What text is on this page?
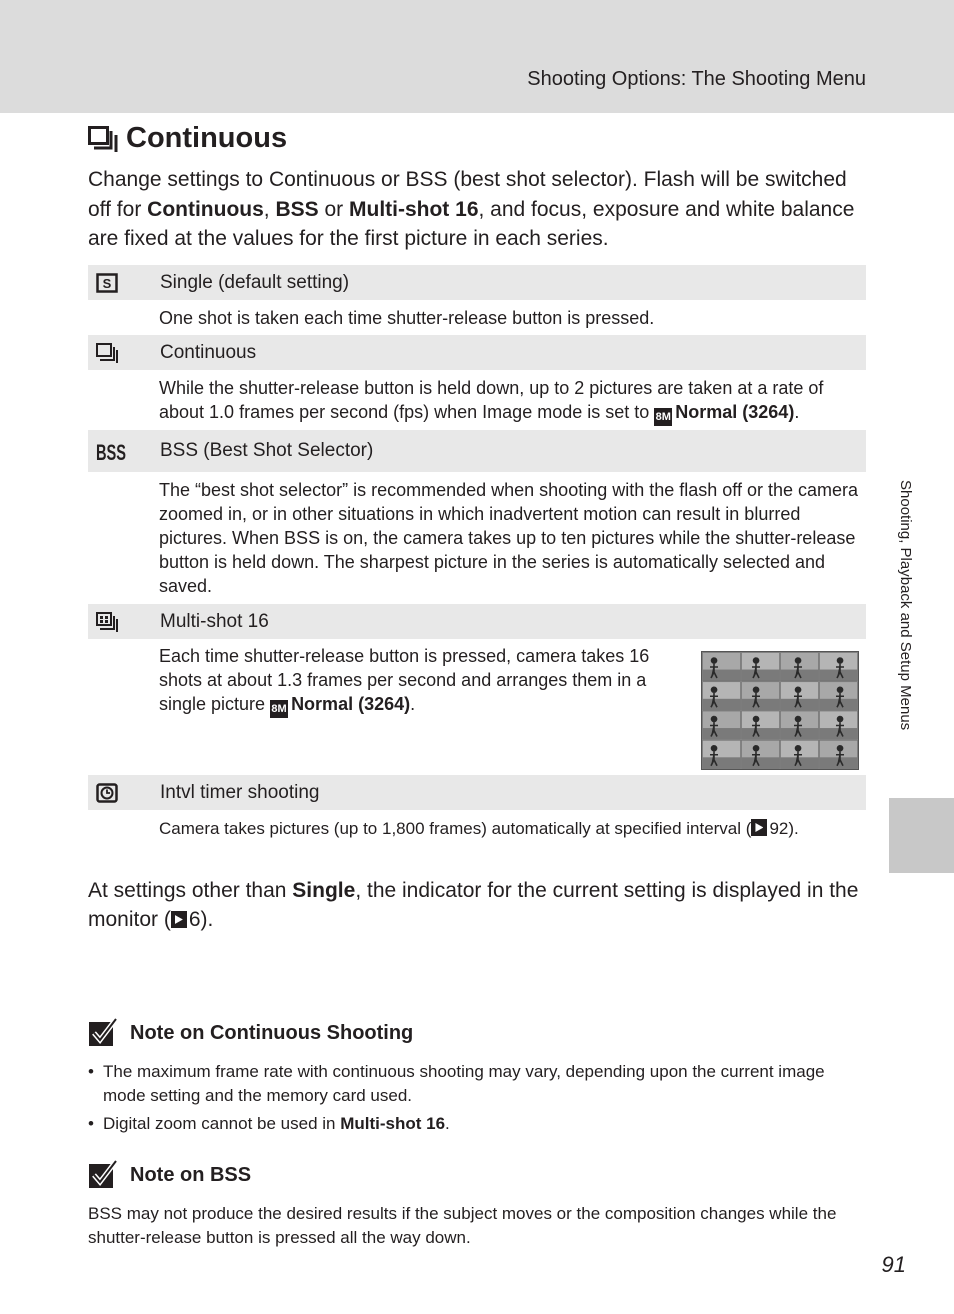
Shooting Options: The Shooting Menu
Shooting, Playback and Setup Menus
Continuous
Change settings to Continuous or BSS (best shot selector). Flash will be switched off for Continuous, BSS or Multi-shot 16, and focus, exposure and white balance are fixed at the values for the first picture in each series.
S	Single (default setting)
One shot is taken each time shutter-release button is pressed.
Continuous
While the shutter-release button is held down, up to 2 pictures are taken at a rate of about 1.0 frames per second (fps) when Image mode is set to 8M Normal (3264).
BSS BSS (Best Shot Selector)
The “best shot selector” is recommended when shooting with the flash off or the camera zoomed in, or in other situations in which inadvertent motion can result in blurred pictures. When BSS is on, the camera takes up to ten pictures while the shutter-release button is held down. The sharpest picture in the series is automatically selected and saved.
Multi-shot 16
Each time shutter-release button is pressed, camera takes 16 shots at about 1.3 frames per second and arranges them in a single picture 8M Normal (3264).
Intvl timer shooting
Camera takes pictures (up to 1,800 frames) automatically at specified interval ( 92).
At settings other than Single, the indicator for the current setting is displayed in the monitor ( 6).
Note on Continuous Shooting
• The maximum frame rate with continuous shooting may vary, depending upon the current image mode setting and the memory card used.
• Digital zoom cannot be used in Multi-shot 16.
Note on BSS
BSS may not produce the desired results if the subject moves or the composition changes while the shutter-release button is pressed all the way down.
91
